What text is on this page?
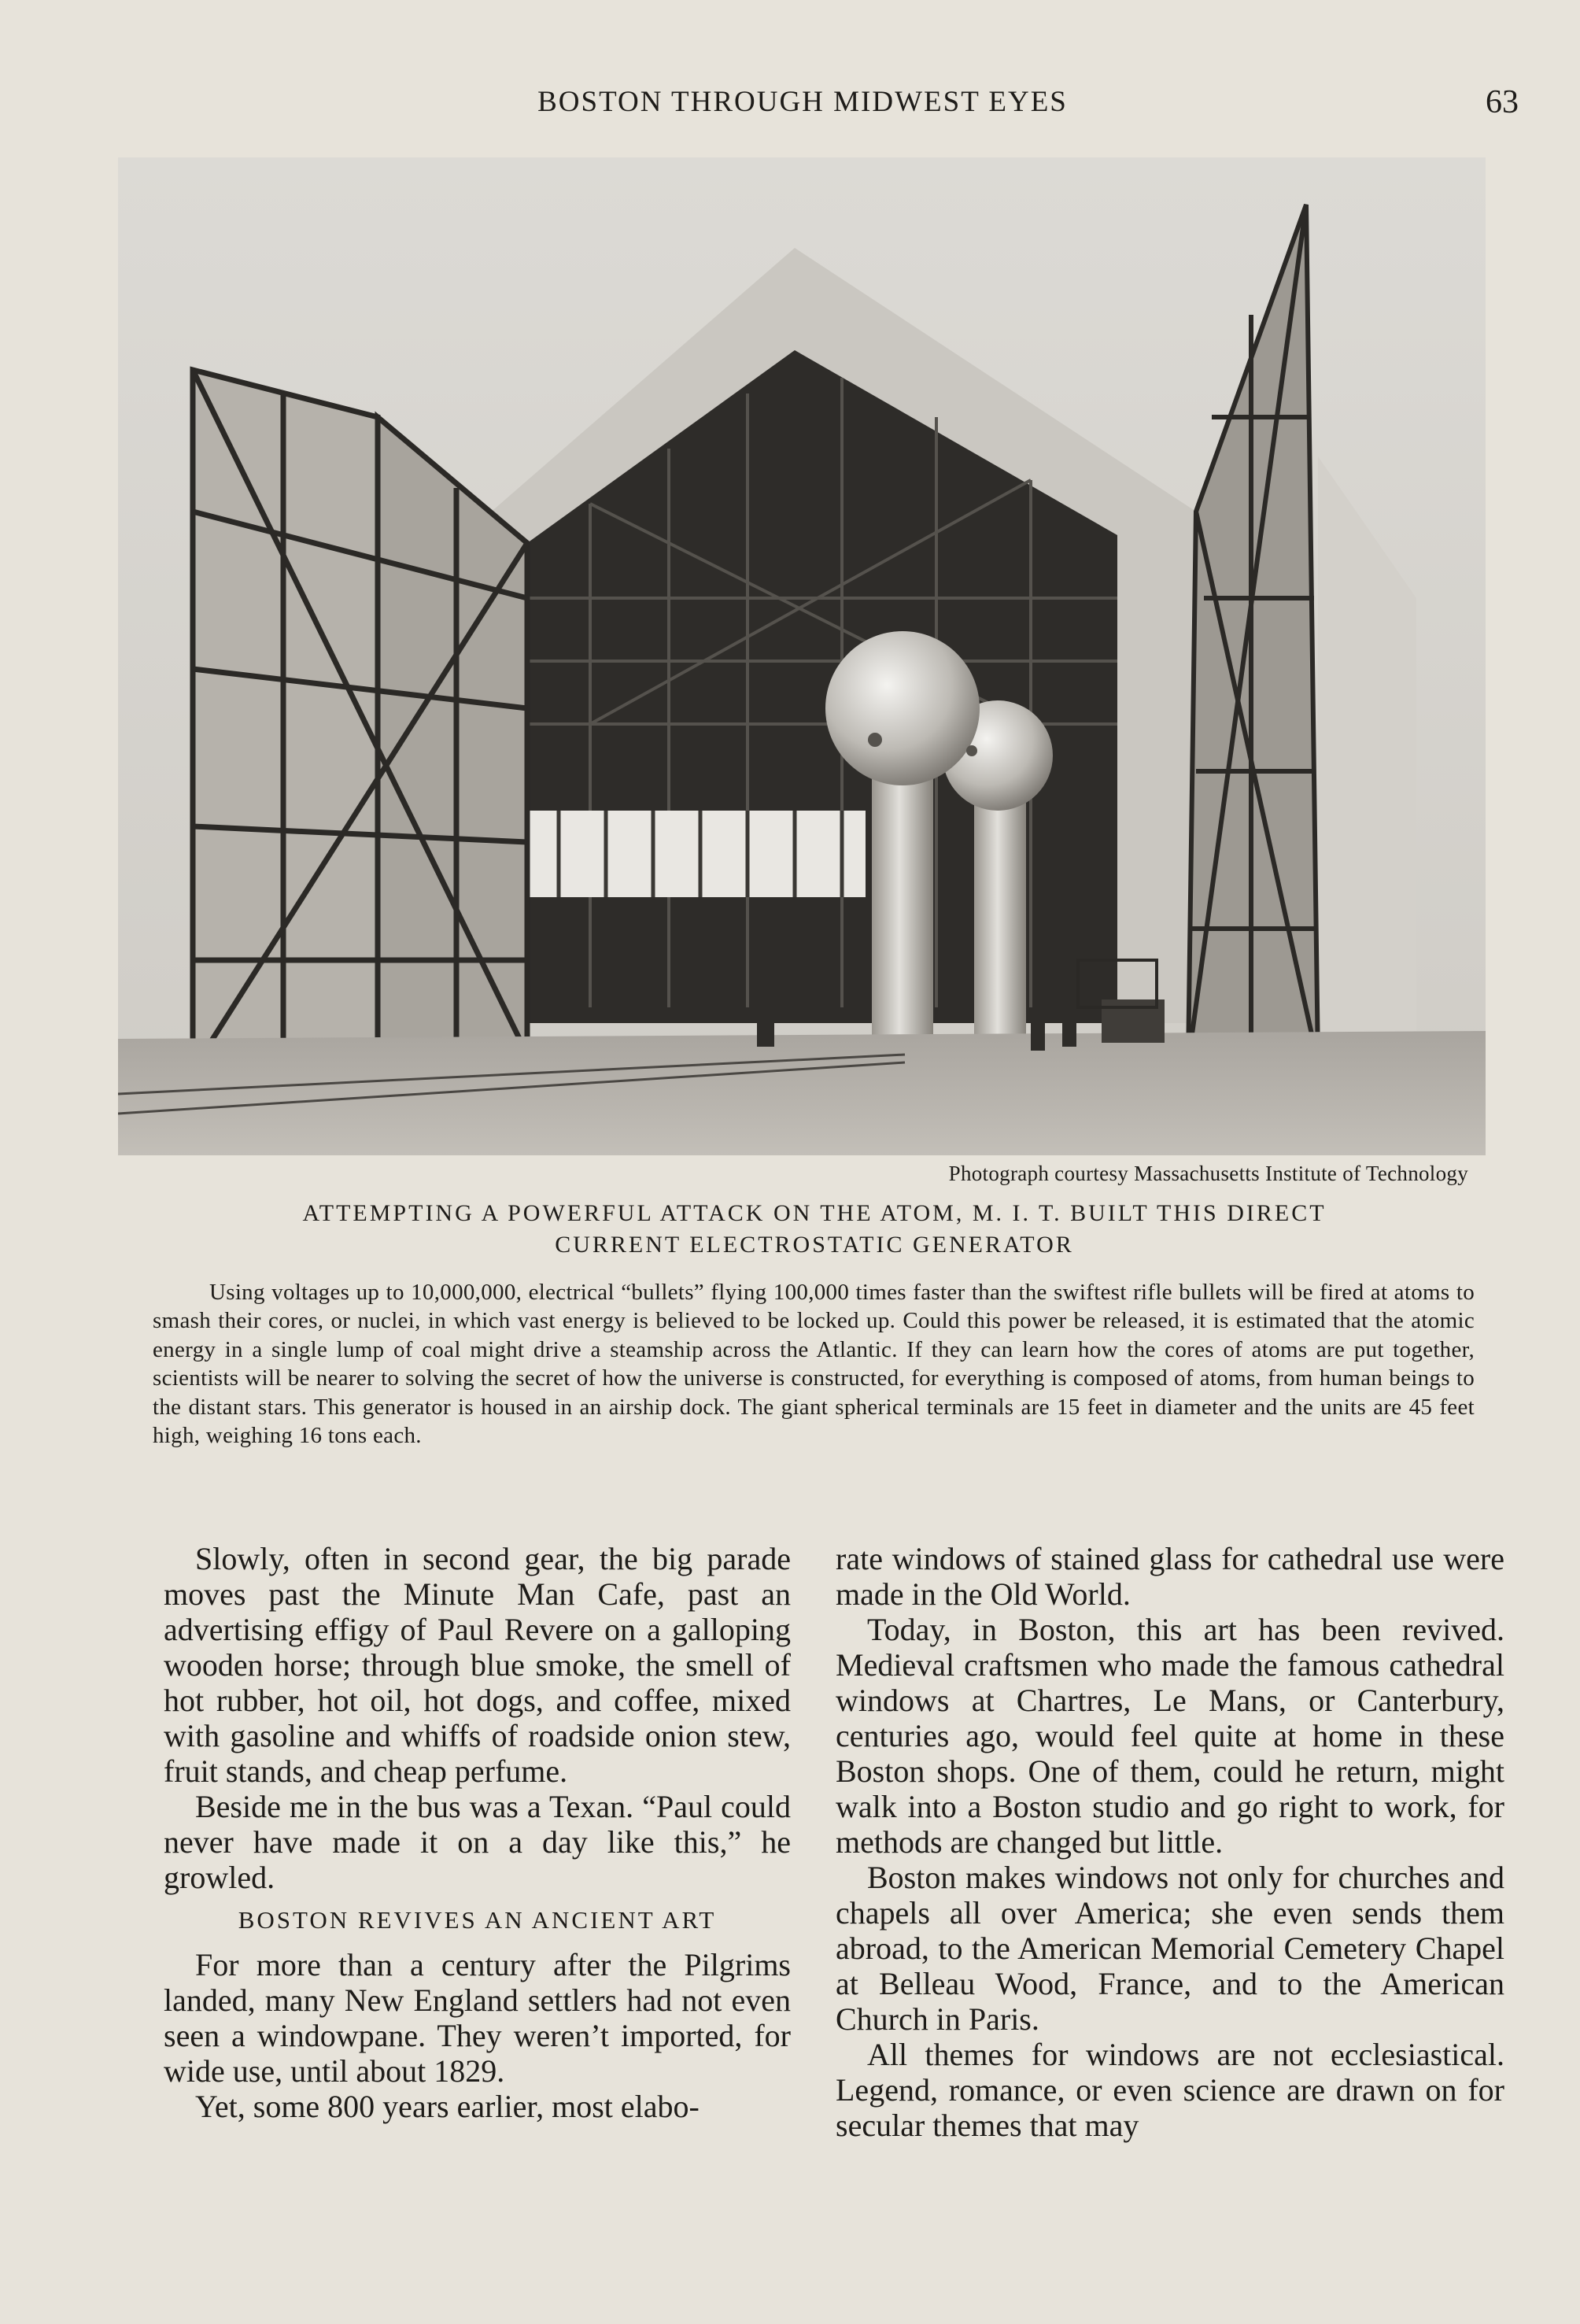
BOSTON THROUGH MIDWEST EYES	63
Photograph courtesy Massachusetts Institute of Technology
ATTEMPTING A POWERFUL ATTACK ON THE ATOM, M. I. T. BUILT THIS DIRECT
CURRENT ELECTROSTATIC GENERATOR
Using voltages up to 10,000,000, electrical “bullets” flying 100,000 times faster than the swiftest rifle bullets will be fired at atoms to smash their cores, or nuclei, in which vast energy is believed to be locked up. Could this power be released, it is estimated that the atomic energy in a single lump of coal might drive a steamship across the Atlantic. If they can learn how the cores of atoms are put together, scientists will be nearer to solving the secret of how the universe is constructed, for everything is composed of atoms, from human beings to the distant stars. This generator is housed in an airship dock. The giant spherical terminals are 15 feet in diameter and the units are 45 feet high, weighing 16 tons each.

Slowly, often in second gear, the big parade moves past the Minute Man Cafe, past an advertising effigy of Paul Revere on a galloping wooden horse; through blue smoke, the smell of hot rubber, hot oil, hot dogs, and coffee, mixed with gasoline and whiffs of roadside onion stew, fruit stands, and cheap perfume.

Beside me in the bus was a Texan. “Paul could never have made it on a day like this,” he growled.

BOSTON REVIVES AN ANCIENT ART

For more than a century after the Pilgrims landed, many New England settlers had not even seen a windowpane. They weren’t imported, for wide use, until about 1829.

Yet, some 800 years earlier, most elabo-

rate windows of stained glass for cathedral use were made in the Old World.

Today, in Boston, this art has been revived. Medieval craftsmen who made the famous cathedral windows at Chartres, Le Mans, or Canterbury, centuries ago, would feel quite at home in these Boston shops. One of them, could he return, might walk into a Boston studio and go right to work, for methods are changed but little.

Boston makes windows not only for churches and chapels all over America; she even sends them abroad, to the American Memorial Cemetery Chapel at Belleau Wood, France, and to the American Church in Paris.

All themes for windows are not ecclesiastical. Legend, romance, or even science are drawn on for secular themes that may
